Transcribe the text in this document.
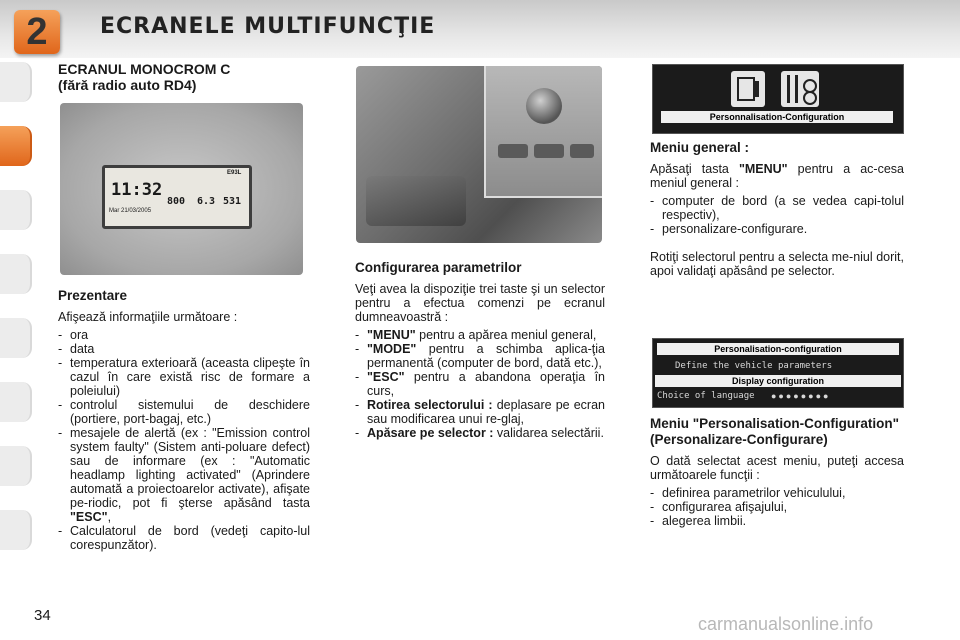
2	ECRANELE MULTIFUNCŢIE
ECRANUL MONOCROM C
(fără radio auto RD4)
11:32
Mar 21/03/2005
E93L
800 6.3 531
Prezentare

Afişează informaţiile următoare :

- ora
- data
- temperatura exterioară (aceasta clipeşte în cazul în care există risc de formare a poleiului)
- controlul sistemului de deschidere (portiere, port-bagaj, etc.)
- mesajele de alertă (ex : "Emission control system faulty" (Sistem anti-poluare defect) sau de informare (ex : "Automatic headlamp lighting activated" (Aprindere automată a proiectoarelor activate), afişate pe-riodic, pot fi şterse apăsând tasta "ESC",
- Calculatorul de bord (vedeţi capito-lul corespunzător).
Configurarea parametrilor

Veţi avea la dispoziţie trei taste şi un selector pentru a efectua comenzi pe ecranul dumneavoastră :

- "MENU" pentru a apărea meniul general,
- "MODE" pentru a schimba aplica-ţia permanentă (computer de bord, dată etc.),
- "ESC" pentru a abandona operaţia în curs,
- Rotirea selectorului : deplasare pe ecran sau modificarea unui re-glaj,
- Apăsare pe selector : validarea selectării.
Personnalisation-Configuration
Meniu general :

Apăsaţi tasta "MENU" pentru a ac-cesa meniul general :

- computer de bord (a se vedea capi-tolul respectiv),
- personalizare-configurare.

Rotiţi selectorul pentru a selecta me-niul dorit, apoi validaţi apăsând pe selector.

Personalisation-configuration
Define the vehicle parameters
Display configuration
Choice of language ●●●●●●●●
Meniu "Personalisation-Configuration" (Personalizare-Configurare)

O dată selectat acest meniu, puteţi accesa următoarele funcţii :

- definirea parametrilor vehiculului,
- configurarea afişajului,
- alegerea limbii.
34	carmanualsonline.info
